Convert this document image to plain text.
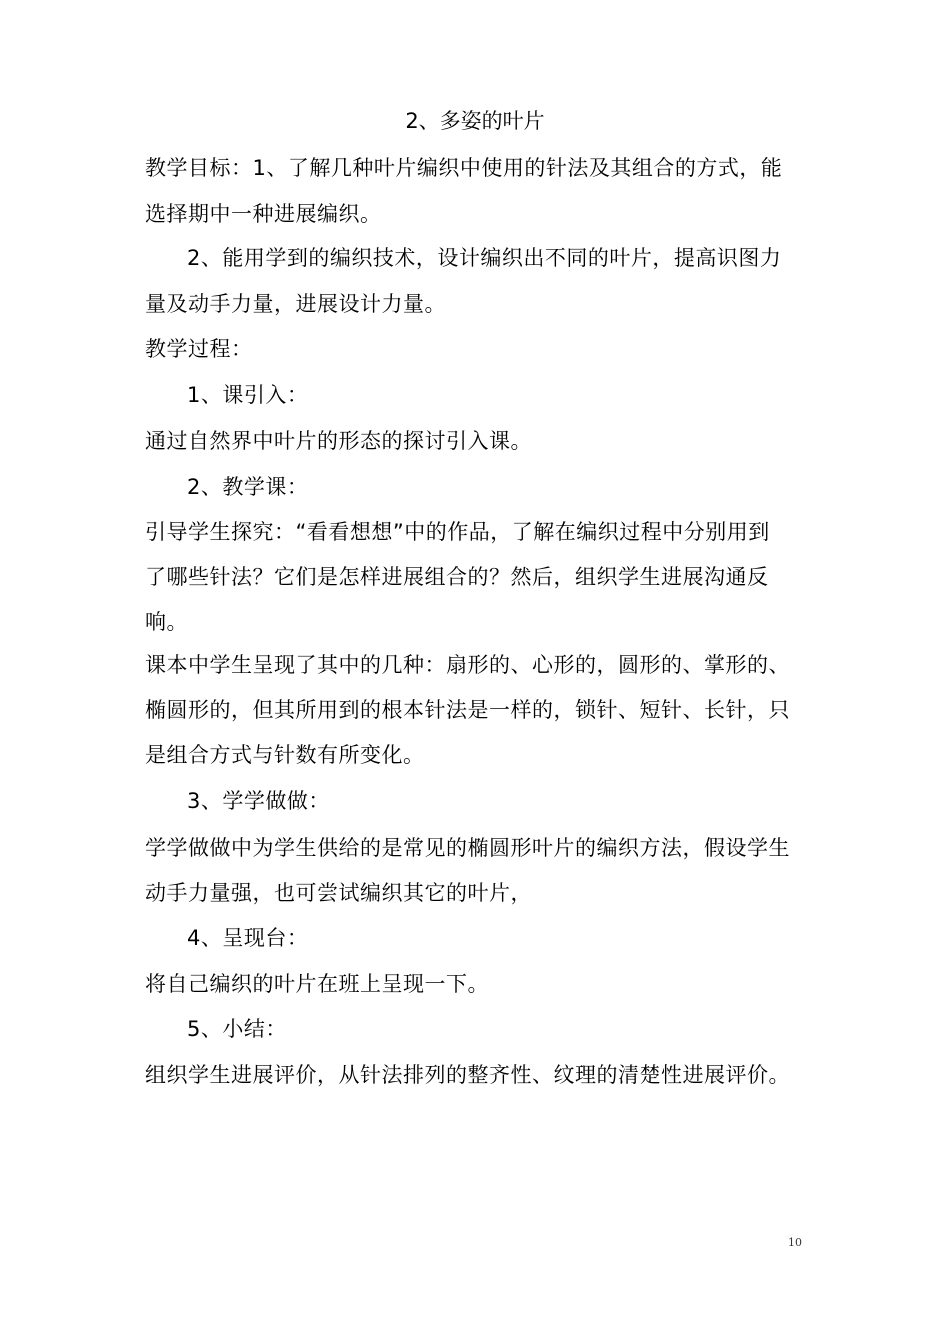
2、多姿的叶片
教学目标：1、了解几种叶片编织中使用的针法及其组合的方式，能
选择期中一种进展编织。
2、能用学到的编织技术，设计编织出不同的叶片，提高识图力
量及动手力量，进展设计力量。
教学过程：
1、课引入：
通过自然界中叶片的形态的探讨引入课。
2、教学课：
引导学生探究：“看看想想”中的作品，了解在编织过程中分别用到
了哪些针法？它们是怎样进展组合的？然后，组织学生进展沟通反
响。
课本中学生呈现了其中的几种：扇形的、心形的，圆形的、掌形的、
椭圆形的，但其所用到的根本针法是一样的，锁针、短针、长针，只
是组合方式与针数有所变化。
3、学学做做：
学学做做中为学生供给的是常见的椭圆形叶片的编织方法，假设学生
动手力量强，也可尝试编织其它的叶片，
4、呈现台：
将自己编织的叶片在班上呈现一下。
5、小结：
组织学生进展评价，从针法排列的整齐性、纹理的清楚性进展评价。
10
